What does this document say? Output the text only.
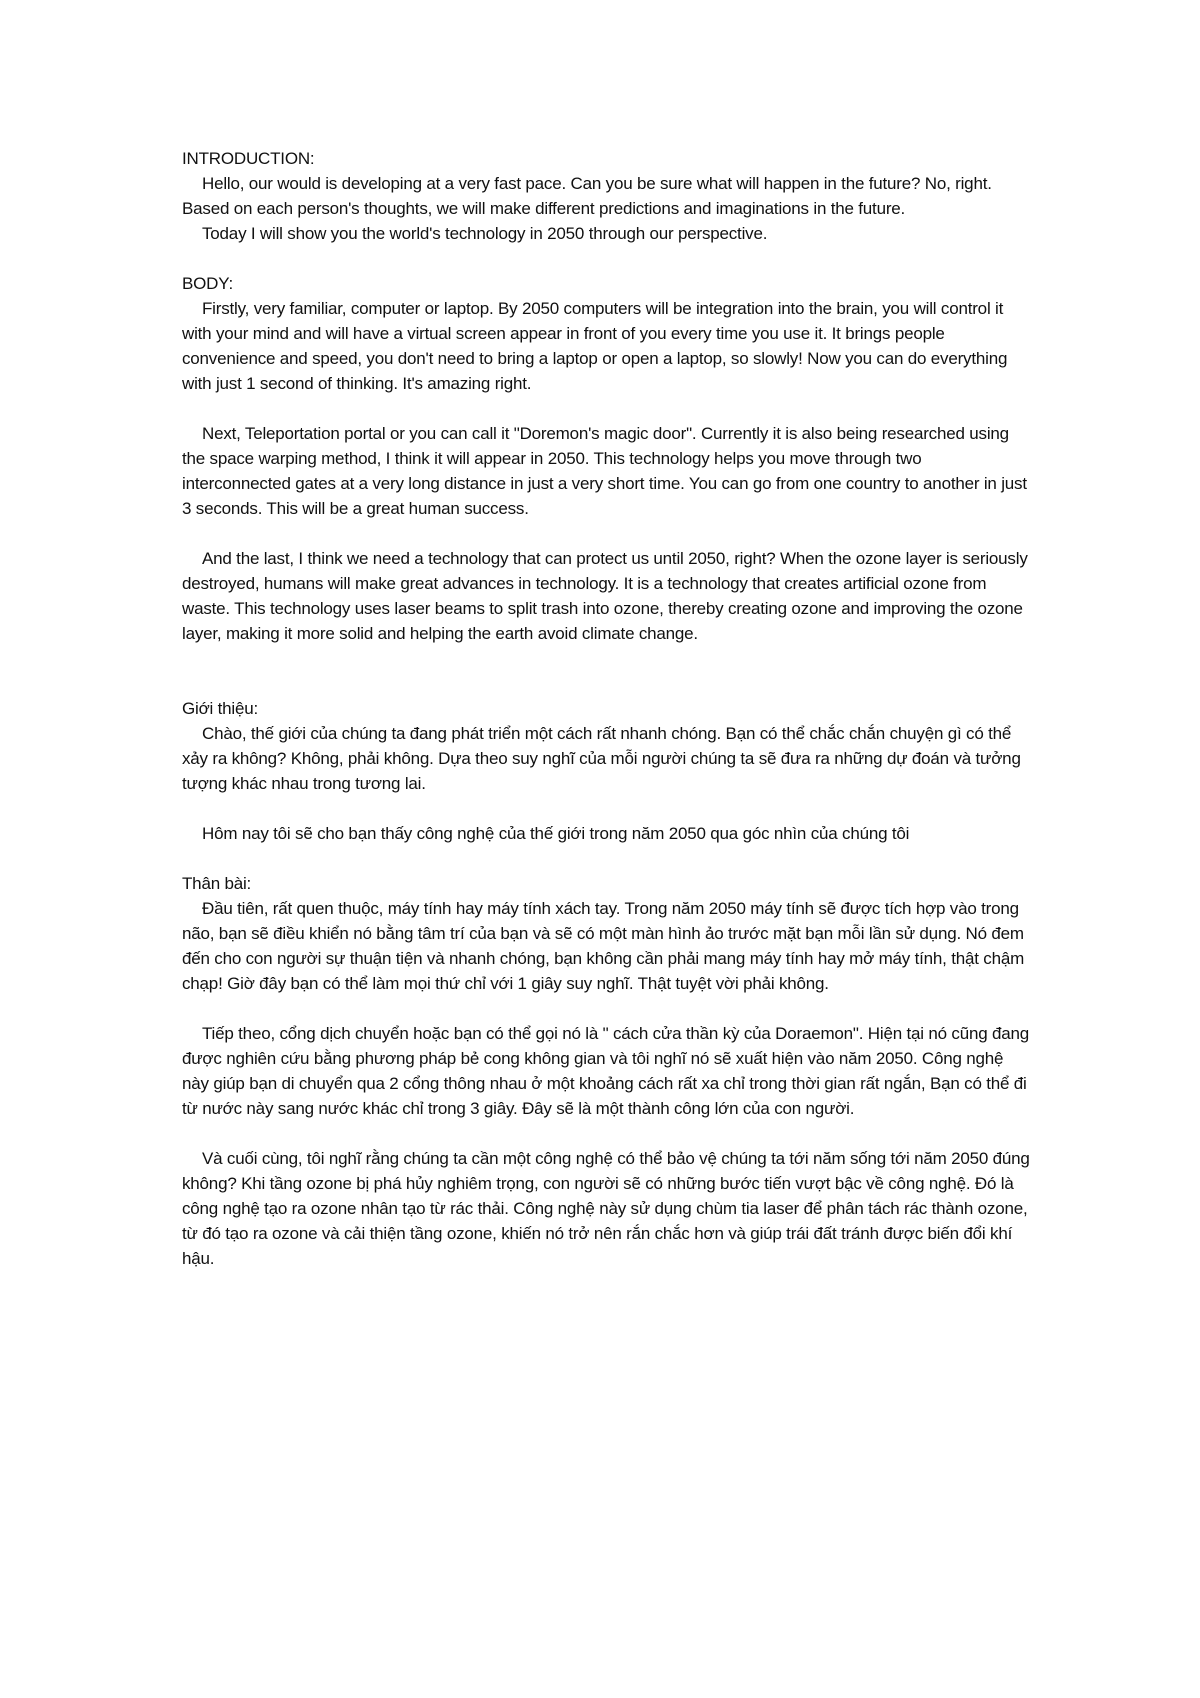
INTRODUCTION:

Hello, our would is developing at a very fast pace. Can you be sure what will happen in the future? No, right. Based on each person's thoughts, we will make different predictions and imaginations in the future.

Today I will show you the world's technology in 2050 through our perspective.

BODY:

Firstly, very familiar, computer or laptop. By 2050 computers will be integration into the brain, you will control it with your mind and will have a virtual screen appear in front of you every time you use it. It brings people convenience and speed, you don't need to bring a laptop or open a laptop, so slowly! Now you can do everything with just 1 second of thinking. It's amazing right.

Next, Teleportation portal or you can call it "Doremon's magic door". Currently it is also being researched using the space warping method, I think it will appear in 2050. This technology helps you move through two interconnected gates at a very long distance in just a very short time. You can go from one country to another in just 3 seconds. This will be a great human success.

And the last, I think we need a technology that can protect us until 2050, right? When the ozone layer is seriously destroyed, humans will make great advances in technology. It is a technology that creates artificial ozone from waste. This technology uses laser beams to split trash into ozone, thereby creating ozone and improving the ozone layer, making it more solid and helping the earth avoid climate change.

Giới thiệu:

Chào, thế giới của chúng ta đang phát triển một cách rất nhanh chóng. Bạn có thể chắc chắn chuyện gì có thể xảy ra không? Không, phải không. Dựa theo suy nghĩ của mỗi người chúng ta sẽ đưa ra những dự đoán và tưởng tượng khác nhau trong tương lai.

Hôm nay tôi sẽ cho bạn thấy công nghệ của thế giới trong năm 2050 qua góc nhìn của chúng tôi

Thân bài:

Đầu tiên, rất quen thuộc, máy tính hay máy tính xách tay. Trong năm 2050 máy tính sẽ được tích hợp vào trong não, bạn sẽ điều khiển nó bằng tâm trí của bạn và sẽ có một màn hình ảo trước mặt bạn mỗi lần sử dụng. Nó đem đến cho con người sự thuận tiện và nhanh chóng, bạn không cần phải mang máy tính hay mở máy tính, thật chậm chạp! Giờ đây bạn có thể làm mọi thứ chỉ với 1 giây suy nghĩ. Thật tuyệt vời phải không.

Tiếp theo, cổng dịch chuyển hoặc bạn có thể gọi nó là " cách cửa thần kỳ của Doraemon". Hiện tại nó cũng đang được nghiên cứu bằng phương pháp bẻ cong không gian và tôi nghĩ nó sẽ xuất hiện vào năm 2050. Công nghệ này giúp bạn di chuyển qua 2 cổng thông nhau ở một khoảng cách rất xa chỉ trong thời gian rất ngắn, Bạn có thể đi từ nước này sang nước khác chỉ trong 3 giây. Đây sẽ là một thành công lớn của con người.

Và cuối cùng, tôi nghĩ rằng chúng ta cần một công nghệ có thể bảo vệ chúng ta tới năm sống tới năm 2050 đúng không? Khi tầng ozone bị phá hủy nghiêm trọng, con người sẽ có những bước tiến vượt bậc về công nghệ. Đó là công nghệ tạo ra ozone nhân tạo từ rác thải. Công nghệ này sử dụng chùm tia laser để phân tách rác thành ozone, từ đó tạo ra ozone và cải thiện tầng ozone, khiến nó trở nên rắn chắc hơn và giúp trái đất tránh được biến đổi khí hậu.
